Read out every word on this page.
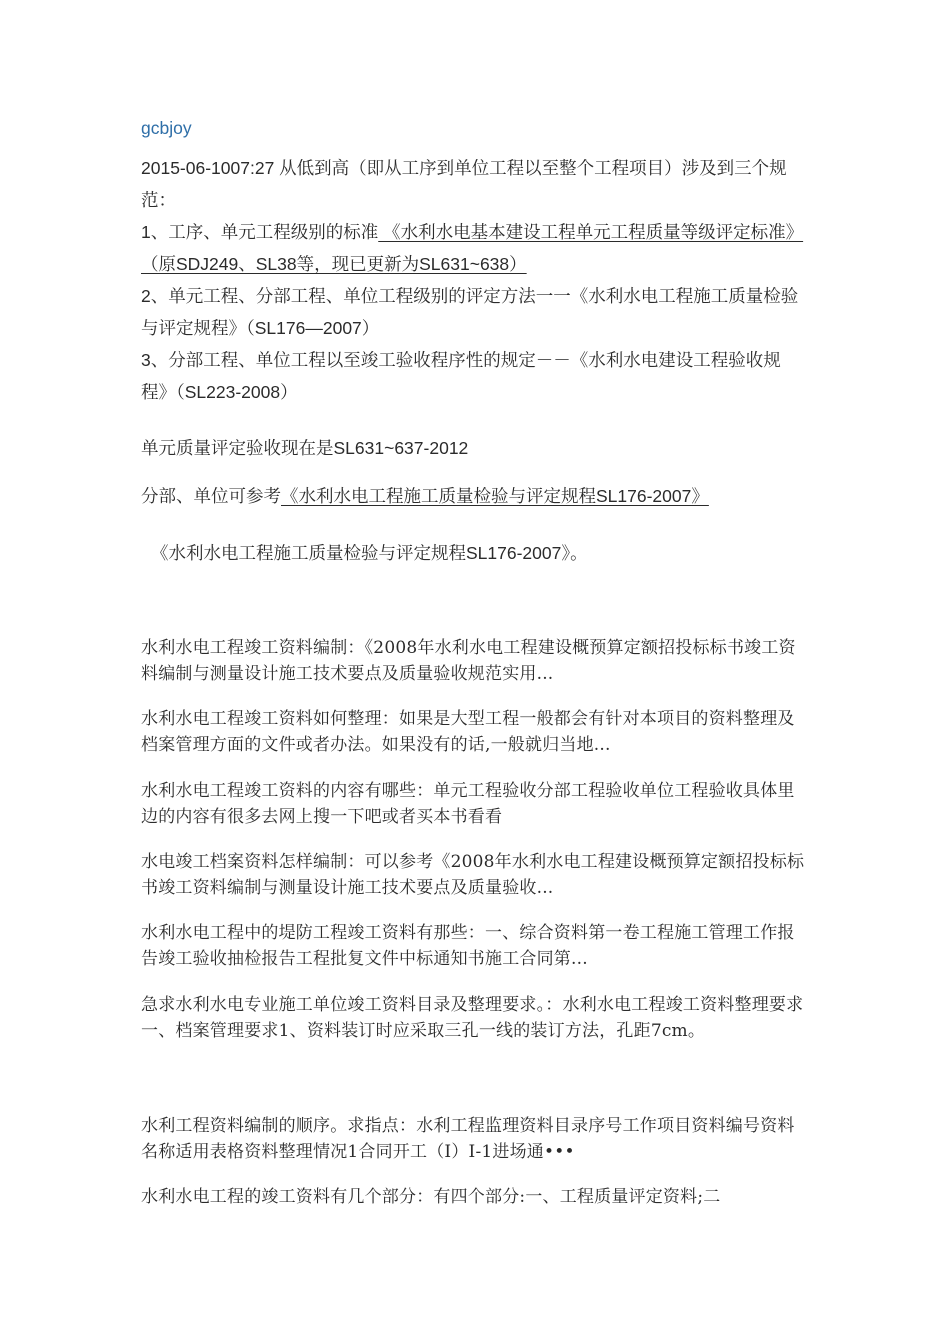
gcbjoy

2015-06-1007:27 从低到高（即从工序到单位工程以至整个工程项目）涉及到三个规范：

1、工序、单元工程级别的标准 《水利水电基本建设工程单元工程质量等级评定标准》（原SDJ249、SL38等，现已更新为SL631~638）

2、单元工程、分部工程、单位工程级别的评定方法一一《水利水电工程施工质量检验与评定规程》（SL176—2007）

3、分部工程、单位工程以至竣工验收程序性的规定－－《水利水电建设工程验收规程》（SL223-2008）

单元质量评定验收现在是SL631~637-2012

分部、单位可参考《水利水电工程施工质量检验与评定规程SL176-2007》

《水利水电工程施工质量检验与评定规程SL176-2007》。

水利水电工程竣工资料编制：《2008年水利水电工程建设概预算定额招投标标书竣工资料编制与测量设计施工技术要点及质量验收规范实用...

水利水电工程竣工资料如何整理：如果是大型工程一般都会有针对本项目的资料整理及档案管理方面的文件或者办法。如果没有的话,一般就归当地...

水利水电工程竣工资料的内容有哪些：单元工程验收分部工程验收单位工程验收具体里边的内容有很多去网上搜一下吧或者买本书看看

水电竣工档案资料怎样编制：可以参考《2008年水利水电工程建设概预算定额招投标标书竣工资料编制与测量设计施工技术要点及质量验收...

水利水电工程中的堤防工程竣工资料有那些：一、综合资料第一卷工程施工管理工作报告竣工验收抽检报告工程批复文件中标通知书施工合同第...

急求水利水电专业施工单位竣工资料目录及整理要求。：水利水电工程竣工资料整理要求一、档案管理要求1、资料装订时应采取三孔一线的装订方法，孔距7cm。

水利工程资料编制的顺序。求指点：水利工程监理资料目录序号工作项目资料编号资料名称适用表格资料整理情况1合同开工（I）I-1进场通•••

水利水电工程的竣工资料有几个部分：有四个部分:一、工程质量评定资料;二
